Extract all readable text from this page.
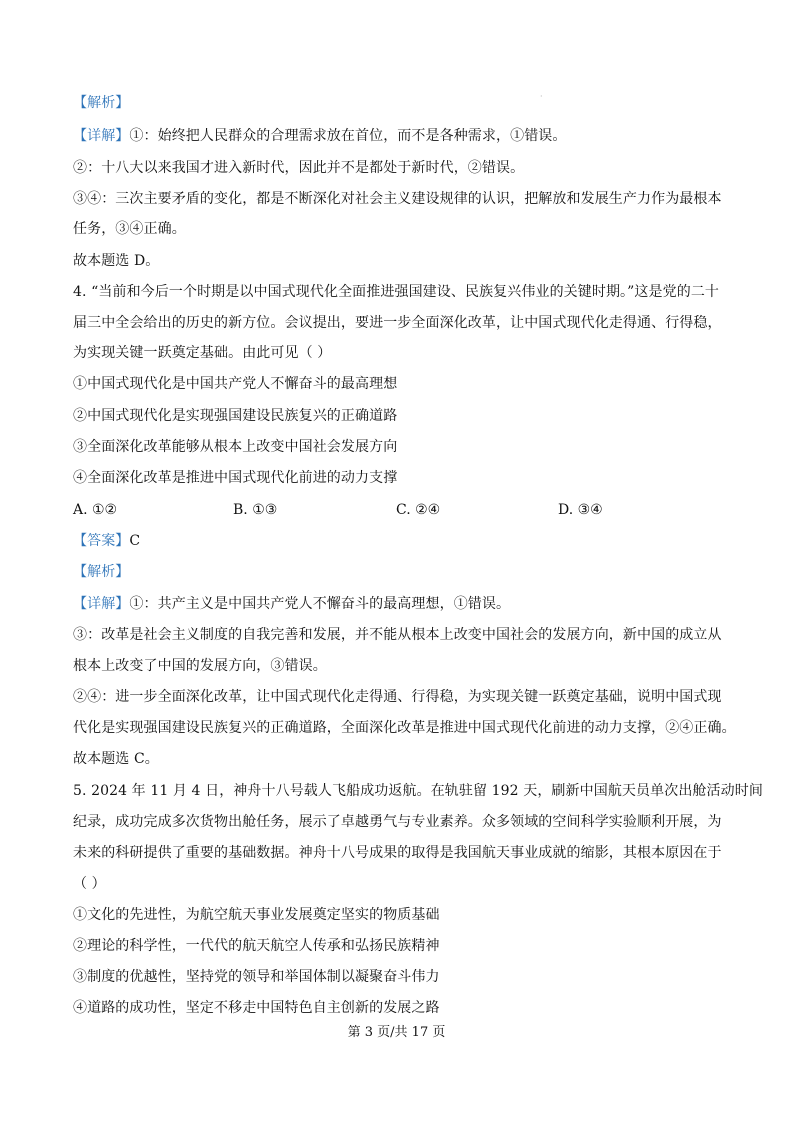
·
【解析】
【详解】①：始终把人民群众的合理需求放在首位，而不是各种需求，①错误。
②：十八大以来我国才进入新时代，因此并不是都处于新时代，②错误。
③④：三次主要矛盾的变化，都是不断深化对社会主义建设规律的认识，把解放和发展生产力作为最根本
任务，③④正确。
故本题选 D。
4. “当前和今后一个时期是以中国式现代化全面推进强国建设、民族复兴伟业的关键时期。”这是党的二十
届三中全会给出的历史的新方位。会议提出，要进一步全面深化改革，让中国式现代化走得通、行得稳，
为实现关键一跃奠定基础。由此可见（ ）
①中国式现代化是中国共产党人不懈奋斗的最高理想
②中国式现代化是实现强国建设民族复兴的正确道路
③全面深化改革能够从根本上改变中国社会发展方向
④全面深化改革是推进中国式现代化前进的动力支撑
A. ①②	B. ①③	C. ②④	D. ③④
【答案】C
【解析】
【详解】①：共产主义是中国共产党人不懈奋斗的最高理想，①错误。
③：改革是社会主义制度的自我完善和发展，并不能从根本上改变中国社会的发展方向，新中国的成立从
根本上改变了中国的发展方向，③错误。
②④：进一步全面深化改革，让中国式现代化走得通、行得稳，为实现关键一跃奠定基础，说明中国式现
代化是实现强国建设民族复兴的正确道路，全面深化改革是推进中国式现代化前进的动力支撑，②④正确。
故本题选 C。
5. 2024 年 11 月 4 日，神舟十八号载人飞船成功返航。在轨驻留 192 天，刷新中国航天员单次出舱活动时间
纪录，成功完成多次货物出舱任务，展示了卓越勇气与专业素养。众多领域的空间科学实验顺利开展，为
未来的科研提供了重要的基础数据。神舟十八号成果的取得是我国航天事业成就的缩影，其根本原因在于
（ ）
①文化的先进性，为航空航天事业发展奠定坚实的物质基础
②理论的科学性，一代代的航天航空人传承和弘扬民族精神
③制度的优越性，坚持党的领导和举国体制以凝聚奋斗伟力
④道路的成功性，坚定不移走中国特色自主创新的发展之路
第 3 页/共 17 页
